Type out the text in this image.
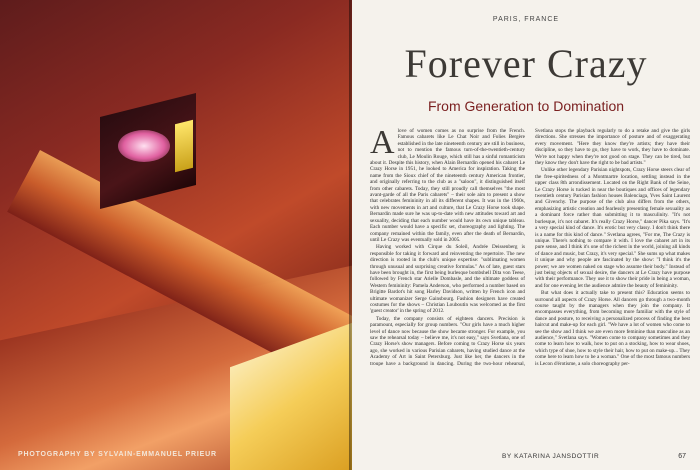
PHOTOGRAPHY BY SYLVAIN-EMMANUEL PRIEUR
PARIS, FRANCE
Forever Crazy
From Generation to Domination

Alove of women comes as no surprise from the French. Famous cabarets like Le Chat Noir and Folies Bergère established in the late nineteenth century are still in business, not to mention the famous turn-of-the-twentieth-century club, Le Moulin Rouge, which still has a sinful romanticism about it. Despite this history, when Alain Bernardin opened his cabaret Le Crazy Horse in 1951, he looked to America for inspiration. Taking the name from the Sioux chief of the nineteenth century American frontier, and originally referring to the club as a "saloon", it distinguished itself from other cabarets. Today, they still proudly call themselves "the most avant-garde of all the Paris cabarets" – their sole aim to present a show that celebrates femininity in all its different shapes. It was in the 1960s, with new movements in art and culture, that Le Crazy Horse took shape. Bernardin made sure he was up-to-date with new attitudes toward art and sexuality, deciding that each number would have its own unique tableau. Each number would have a specific set, choreography and lighting. The company remained within the family, even after the death of Bernardin, until Le Crazy was eventually sold in 2005.

Having worked with Cirque du Soleil, Andrée Deissenberg is responsible for taking it forward and reinventing the repertoire. The new direction is rooted in the club's unique expertise: "sublimating women through unusual and surprising creative formulas." As of late, guest stars have been brought in, the first being burlesque bombshell Dita von Teese, followed by French star Arielle Dombasle, and the ultimate goddess of Western femininity: Pamela Anderson, who performed a number based on Brigitte Bardot's hit song Harley Davidson, written by French icon and ultimate womanizer Serge Gainsbourg. Fashion designers have created costumes for the shows – Christian Louboutin was welcomed as the first 'guest creator' in the spring of 2012.

Today, the company consists of eighteen dancers. Precision is paramount, especially for group numbers. "Our girls have a much higher level of dance now because the show became stronger. For example, you saw the rehearsal today – believe me, it's not easy," says Svetlana, one of Crazy Horse's show managers. Before coming to Crazy Horse six years ago, she worked in various Parisian cabarets, having studied dance at the Academy of Art in Saint Petersburg. Just like her, the dancers in the troupe have a background in dancing. During the two-hour rehearsal, Svetlana stops the playback regularly to do a retake and give the girls directions. She stresses the importance of posture and of exaggerating every movement. "Here they know they're artists; they have their discipline, so they have to go, they have to work, they have to dominate. We're not happy when they're not good on stage. They can be tired, but they know they don't have the right to be bad artists."

Unlike other legendary Parisian nightspots, Crazy Horse steers clear of the free-spiritedness of a Montmartre location, settling instead in the upper class 8th arrondissement. Located on the Right Bank of the Seine, Le Crazy Horse is tucked in near the boutiques and offices of legendary twentieth century Parisian fashion houses Balenciaga, Yves Saint Laurent and Givenchy. The purpose of the club also differs from the others, emphasizing artistic creation and fearlessly presenting female sexuality as a dominant force rather than submitting it to masculinity. "It's not burlesque, it's not cabaret. It's really Crazy Horse," dancer Pika says. "It's a very special kind of dance. It's erotic but very classy. I don't think there is a name for this kind of dance." Svetlana agrees, "For me, The Crazy is unique. There's nothing to compare it with. I love the cabaret art in its pure sense, and I think it's one of the richest in the world, joining all kinds of dance and music, but Crazy, it's very special." She sums up what makes it unique and why people are fascinated by the show: "I think it's the power; we are women naked on stage who assume their body." Instead of just being objects of sexual desire, the dancers at Le Crazy have purpose with their performance. They use it to show their pride in being a woman, and for one evening let the audience admire the beauty of femininity.

But what does it actually take to present this? Education seems to surround all aspects of Crazy Horse. All dancers go through a two-month course taught by the managers when they join the company. It encompasses everything, from becoming more familiar with the style of dance and posture, to receiving a personalized process of finding the best haircut and make-up for each girl. "We have a lot of women who come to see the show and I think we are even more feminine than masculine as an audience," Svetlana says. "Women come to company sometimes and they come to learn how to walk, how to put on a stocking, how to wear shoes, which type of shoe, how to style their hair, how to put on make-up... They come here to learn how to be a woman." One of the most famous numbers is Lecon d'érotisme, a solo choreography per-

BY KATARINA JANSDOTTIR	67
